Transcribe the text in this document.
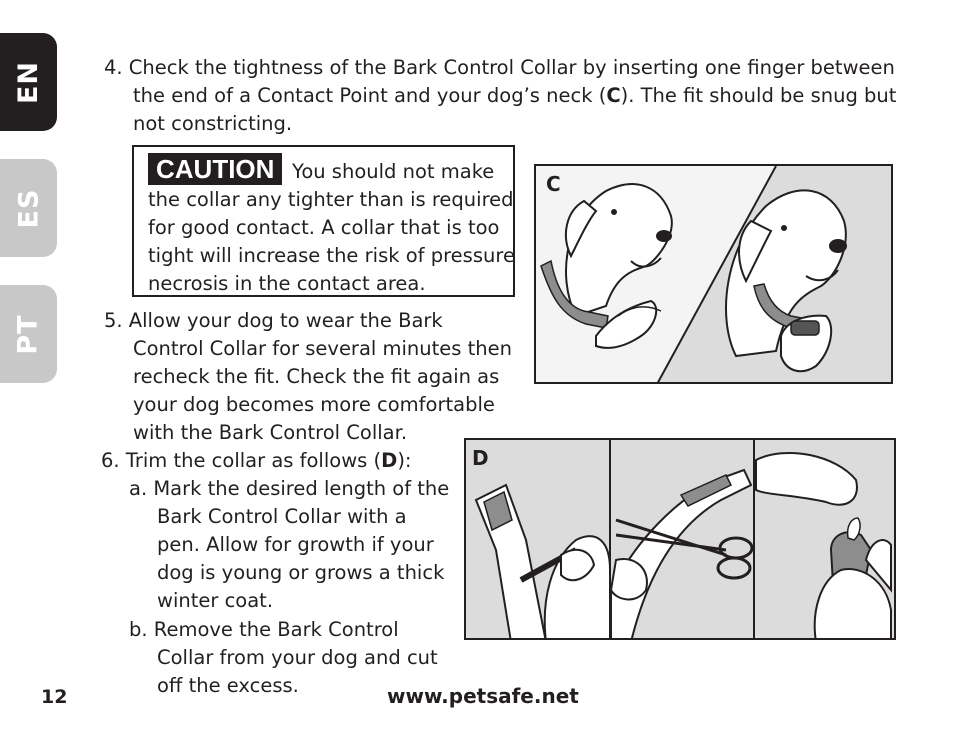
EN
ES
PT
4. Check the tightness of the Bark Control Collar by inserting one finger between
the end of a Contact Point and your dog’s neck (C). The fit should be snug but
not constricting.
CAUTION You should not make
the collar any tighter than is required
for good contact. A collar that is too
tight will increase the risk of pressure
necrosis in the contact area.
5. Allow your dog to wear the Bark
Control Collar for several minutes then
recheck the fit. Check the fit again as
your dog becomes more comfortable
with the Bark Control Collar.
6. Trim the collar as follows (D):
a. Mark the desired length of the
Bark Control Collar with a
pen. Allow for growth if your
dog is young or grows a thick
winter coat.
b. Remove the Bark Control
Collar from your dog and cut
off the excess.
C
D
12	www.petsafe.net
